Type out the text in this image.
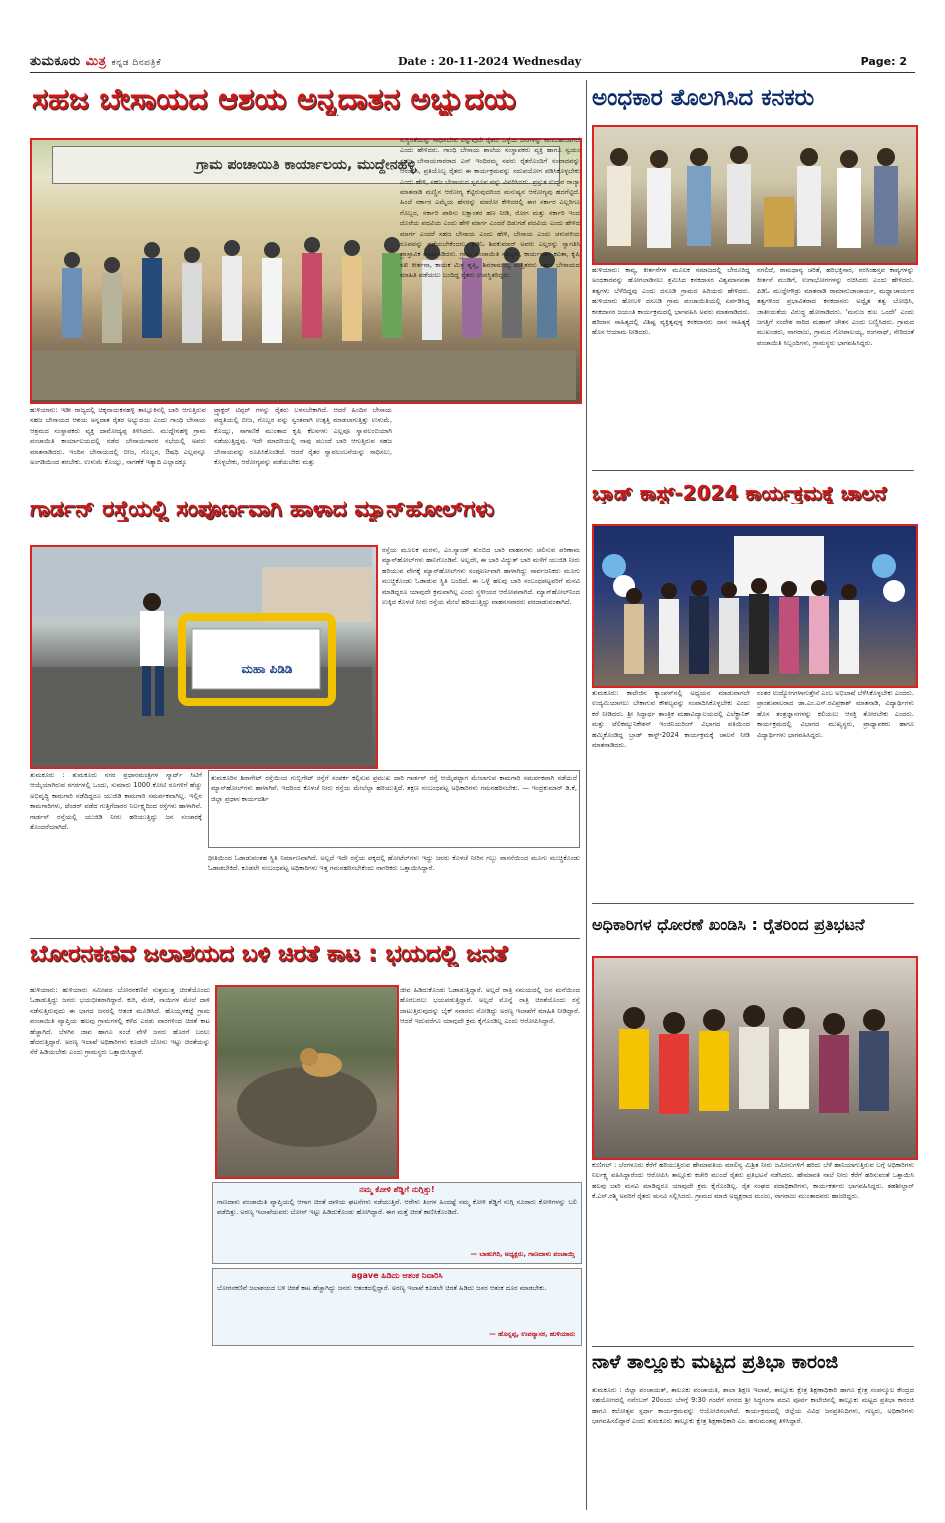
ತುಮಕೂರು ಮಿತ್ರ ಕನ್ನಡ ದಿನಪತ್ರಿಕೆ	Date : 20-11-2024 Wednesday	Page: 2
ಸಹಜ ಬೇಸಾಯದ ಆಶಯ ಅನ್ನದಾತನ ಅಭ್ಯುದಯ
ಗ್ರಾಮ ಪಂಚಾಯಿತಿ ಕಾರ್ಯಾಲಯ, ಮುದ್ದೇನಹಳ್ಳಿ
ಹುಳಿಯಾರು: ಇಡೀ ರಾಜ್ಯದಲ್ಲಿ ಚಿಕ್ಕನಾಯಕನಹಳ್ಳಿ ತಾಲ್ಲೂಕಿನಲ್ಲಿ ಬಾರಿ ಆಗುತ್ತಿರುವ ಸಹಜ ಬೇಸಾಯದ ಆಶಯ ಅನ್ನದಾತ ರೈತರ ಅಭ್ಯುದಯ ಎಂದು ಗಾಂಧಿ ಬೇಸಾಯ ಆಶ್ರಮದ ಸಂಸ್ಥಾಪಕರು ವ್ಯಕ್ತಿ ದಾಮೋದ್ಯಪ್ಪ ತಿಳಿಸಿದರು. ಮುದ್ದೇನಹಳ್ಳಿ ಗ್ರಾಮ ಪಂಚಾಯಿತಿ ಕಾರ್ಯಾಲಯದಲ್ಲಿ ನಡೆದ ಬೇಸಾಯಗಾರರ ಸಭೆಯಲ್ಲಿ ಅವರು ಮಾತನಾಡಿದರು. ಇಂದಿನ ಬೇಸಾಯದಲ್ಲಿ ಬೀಜ, ಗೊಬ್ಬರ, ಔಷಧಿ ಎಲ್ಲವನ್ನೂ ಅಂಗಡಿಯಿಂದ ತರಬೇಕು. ಉಳುಮೆ ಕೊಯ್ಲು, ಸಾಗಣೆಕೆ ಇತ್ಯಾದಿ ಎಲ್ಲಾದಕ್ಕೂ
ಟ್ರ್ಯಾಕ್ಟರ್ ಟಿಪ್ಪರ್ ಗಳನ್ನು ರೈತರು ಬಳಸಬೇಕಾಗಿದೆ. ಆದರೆ ಹಿಂದಿನ ಬೇಸಾಯ ಪದ್ಧತಿಯಲ್ಲಿ ಬೀಜ, ಗೊಬ್ಬರ ವನ್ನು ಸ್ವಂತವಾಗಿ ಉತ್ಪತ್ತಿ ಮಾಡಲಾಗುತ್ತಿತ್ತು ಉಳುಮೆ, ಕೊಯ್ಲು, ಸಾಗಾಣಿಕೆ ಮುಂತಾದ ಕೃಷಿ ಕೆಲಸಗಳು ಎಲ್ಲವೂ ಸ್ವಾವಲಂಬಿಯಾಗಿ ನಡೆಯುತ್ತಿದ್ದವು. ಇದೇ ಮಾದರಿಯಲ್ಲಿ ನಾವು ಮುಂದೆ ಬಾರಿ ಆಗುತ್ತಿರುವ ಸಹಜ ಬೇಸಾಯವನ್ನು ರೂಪಿಸಿಕೊಂಡಿದೆ. ಆದರೆ ರೈತರ ಸ್ವಾವಲಂಬನೆಯನ್ನು ಸಾಧಿಸಲು, ಕೊಳ್ಳಬೇಕು, ಆರೋಗ್ಯವನ್ನು ಪಡೆಯಬೇಕು ಮತ್ತು
ಸುಸ್ಥಿರತೆಯನ್ನು ಸಾಧಿಸಬೇಕು ಎನ್ನುವುದೇ ರೈತರು ಒಳ್ಳೆಯ ದಿನಗಳನ್ನು ಕಾಣಬಹುದಾಗಿದೆ ಎಂದು ಹೇಳಿದರು. ಗಾಂಧಿ ಬೇಸಾಯ ಶಾಲೆಯ ಸಂಸ್ಥಾಪಕರು ವ್ಯಕ್ತಿ ಹಾಗೂ ಸ್ವಯಂ ಸಹಜ ಬೇಸಾಯಗಾರರಾದ ಎನ್ ಇಂದಿರಮ್ಮ ನವರು ರೈತರೊಂದಿಗೆ ಸಂವಾದವನ್ನು ಆರಂಭಿಸಿ, ಪ್ರತಿಯೊಬ್ಬ ರೈತರು ಈ ಕಾರ್ಯಕ್ರಮವನ್ನು ಸದುಪಯೋಗ ಪಡಿಸಿಕೊಳ್ಳಬೇಕು ಎಂದು ಹೇಳಿ, ಸಹಜ ಬೇಸಾಯದ ಸ್ವರೂಪ ವನ್ನು ವಿವರಿಸಿದರು. ಪ್ರಸ್ತುತ ಉದ್ಭವ ರಾಜ್ಯಾ ಮಾತನಾಡಿ ಮಣ್ಣಿನ ಆರೋಗ್ಯ ಕೆಟ್ಟಿರುವುದರಿಂದ ಮನುಷ್ಯನ ಆರೋಗ್ಯವು ಹದಗೆಟ್ಟಿದೆ. ಹಿಂದೆ ಸರ್ಕಾರ ಎಮ್ಮೆಯ ಹೆಸರನ್ನು ಮಾರೋ ಕೇಳಿದರಲ್ಲಿ ಈಗ ಸರ್ಕಾರ ಎಲ್ಲರಿಗೂ ಗೊಬ್ಬರ, ಸರ್ಕಾರಿ ಪಾಠಿಸು ಲಕ್ಷಾಂತರ ಹಣ ನೀಡಿ, ರೋಗ ಮತ್ತು ಸರ್ಕಾರಿ ಇಂದ ದೊರೆಯ ಪದವಿಯ ಎಂದು ಹೇಳಿ ಮಾರ್ಗ ಎಂದರೆ ದಿಡುಗಡೆ ಪದವಿಯ ಎಂದು ಹೇಳಿದ ಮಾರ್ಗ ಎಂದರೆ ಸಹಜ ಬೇಸಾಯ ಎಂದು ಹೇಳಿ, ಬೇಸಾಯ ಎಂದು ಚಳುವಳಿಯ ರೂಪವನ್ನು ಪಡೆಯಬೇಕೆಂದರು. ಪಿಡಿಓ ಶಿವಕುಮಾರ್ ಅವರು ಎಲ್ಲರನ್ನು ಸ್ವಾಗತಿಸಿ ಪ್ರಾಸ್ತಾವಿಕ ಮಾತನಾಡಿದರು. ಗ್ರಾಮ ಪಂಚಾಯಿತಿ ಸದಸ್ಯರು, ಕಾರ್ಯದರ್ಶಿ ಕವಿತಾ, ಕೃಷಿ ಸಖಿ ಕೀರ್ತನಾ, ಕಾಯಕ ಮಿತ್ರ ತೃಪ್ತಿ, ಶಿವರಾಮಯ್ಯ ಮತ್ತಿತರರು ಸಹಜ ಬೇಸಾಯದ ಮಾಹಿತಿ ಪಡೆಯಲು ಬಂದಿದ್ದ ರೈತರು ಉಪಸ್ಥಿತರಿದ್ದರು.
ಅಂಧಕಾರ ತೊಲಗಿಸಿದ ಕನಕರು
ಹುಳಿಯಾರು: ಕಾವ್ಯ, ಕೀರ್ತನೆಗಳ ಮೂಲಕ ಸಮಾಜದಲ್ಲಿ ಬೇರೂರಿದ್ದ ಅಂಧಕಾರವನ್ನು ಹೋಗಲಾಡಿಸಲು ಶ್ರಮಿಸಿದ ಕನಕದಾಸರ ವಿಶ್ವಮಾನವತಾ ತತ್ವಗಳು ಬೆಳೆದಿದ್ದವು ಎಂದು ದಸೂಡಿ ಗ್ರಾಮದ ಹಿರಿಯರು ಹೇಳಿದರು. ಹುಳಿಯಾರು ಹೋಬಳಿ ದಸೂಡಿ ಗ್ರಾಮ ಪಂಚಾಯಿತಿಯಲ್ಲಿ ಏರ್ಪಡಿಸಿದ್ದ ಕನಕದಾಸರ ಜಯಂತಿ ಕಾರ್ಯಕ್ರಮದಲ್ಲಿ ಭಾಗವಹಿಸಿ ಅವರು ಮಾತನಾಡಿದರು. ಹರಿದಾಸ ಸಾಹಿತ್ಯದಲ್ಲಿ ವಿಶಿಷ್ಟ ವ್ಯಕ್ತಿತ್ವವುಳ್ಳ ಕನಕದಾಸರು ದಾಸ ಸಾಹಿತ್ಯಕ್ಕೆ ಹೊಸ ಆಯಾಮ ನೀಡಿದರು.
ನಗಲಿದೆ, ರಾಮಧಾನ್ಯ ಚರಿತೆ, ಹರಿಭಕ್ತಿಸಾರ, ನರಸಿಂಹಸ್ತವ ಕಾವ್ಯಗಳನ್ನು ಕೀರ್ತನೆ ಮಂಡಿಗೆ, ಉಗಾಭೋಗಗಳನ್ನು ರಚಿಸಿದರು ಎಂದು ಹೇಳಿದರು. ಪಿಡಿಓ ಮುದ್ದೇಗೌಡ್ರು ಮಾತನಾಡಿ ರಾಮಾನುಜಾಚಾರ್ಯ, ಮಧ್ವಾಚಾರ್ಯರ ತತ್ವಗಳಿಂದ ಪ್ರಭಾವಿತರಾದ ಕನಕದಾಸರು ಅದ್ವೈತ ತತ್ವ ಬೋಧಿಸಿ, ಜಾತೀಯತೆಯ ವಿರುದ್ಧ ಹೋರಾಡಿದರು. 'ಮನುಜ ಕುಲ ಒಂದೇ' ಎಂದು ಜಗತ್ತಿಗೆ ಸಂದೇಶ ಸಾರಿದ ಮಹಾನ್ ಚೇತನ ಎಂದು ಬಣ್ಣಿಸಿದರು. ಗ್ರಾಮದ ಮುಖಂಡರು, ನಾಗರಾಜು, ಗ್ರಾಮದ ಗೋಪಾಲಯ್ಯ, ರಂಗನಾಥ್, ನೇರಿದಂತೆ ಪಂಚಾಯಿತಿ ಸಿಬ್ಬಂದಿಗಳು, ಗ್ರಾಮಸ್ಥರು ಭಾಗವಹಿಸಿದ್ದರು.
ಗಾರ್ಡನ್ ರಸ್ತೆಯಲ್ಲಿ ಸಂಪೂರ್ಣವಾಗಿ ಹಾಳಾದ ಮ್ಯಾನ್‌ಹೋಲ್‌ಗಳು
ಮಹಾ ಪಿಡಿಡಿ
ರಸ್ತೆಯ ಮೂಲಕ ಮರಳು, ಎಂ.ಸ್ಯಾಂಡ್ ತುಂಬಿದ ಬಾರಿ ವಾಹನಗಳು ಚಲಿಸುವ ಪರಿಣಾಮ ಮ್ಯಾನ್‌ಹೋಲ್‌ಗಳು ಹಾನಿಗೊಂಡಿವೆ. ಅಲ್ಲದೇ, ಈ ಬಾರಿ ವಿದ್ಯುತ್ ಬಾರಿ ಮಳೆಗೆ ಯುಜಿಡಿ ನೀರು ಹರಿಯುವ ವೇಗಕ್ಕೆ ಮ್ಯಾನ್‌ಹೋಲ್‌ಗಳು ಸಂಪೂರ್ಣವಾಗಿ ಹಾಳಾಗಿದ್ದು ಸಾರ್ವಜನಿಕರು ಮೂಗು ಮುಚ್ಚಿಕೊಂಡು ಓಡಾಡುವ ಸ್ಥಿತಿ ಬಂದಿದೆ. ಈ ಒಳ್ಳೆ ಹಲವು ಬಾರಿ ಸಂಬಂಧಪಟ್ಟವರಿಗೆ ಮನವಿ ಮಾಡಿದ್ದರೂ ಯಾವುದೇ ಕ್ರಮವಾಗಿಲ್ಲ ಎಂದು ಸ್ಥಳೀಯರ ಆರೋಪವಾಗಿದೆ. ಮ್ಯಾನ್‌ಹೋಲ್‌ನಿಂದ ಉಕ್ಕಿದ ಕೊಳಚೆ ನೀರು ರಸ್ತೆಯ ಮೇಲೆ ಹರಿಯುತ್ತಿದ್ದು ವಾಹನಸವಾರರು ಪರದಾಡುವಂತಾಗಿದೆ.
ತುಮಕೂರು : ತುಮಕೂರು ನಗರ ಪ್ರಧಾನಮಂತ್ರಿಗಳ ಸ್ಮಾರ್ಟ್ ಸಿಟಿಗೆ ಆಯ್ಕೆಯಾಗಿರುವ ನಗರಗಳಲ್ಲಿ ಒಂದು, ಸುಮಾರು 1000 ಕೋಟಿ ರೂಗಳಿಗೆ ಹೆಚ್ಚು ಅಭಿವೃದ್ಧಿ ಕಾಮಗಾರಿ ನಡೆದಿದ್ದರೂ ಯುಜಿಡಿ ಕಾಮಗಾರಿ ಸಮರ್ಪಕವಾಗಿಲ್ಲ. ಇಲ್ಲಿನ ಕಾಮಗಾರಿಗಳು, ಟೆಂಡರ್ ಪಡೆದ ಗುತ್ತಿಗೆದಾರರ ನಿರ್ಲಕ್ಷ್ಯದಿಂದ ರಸ್ತೆಗಳು ಹಾಳಾಗಿವೆ. ಗಾರ್ಡನ್ ರಸ್ತೆಯಲ್ಲಿ ಯುಜಿಡಿ ನೀರು ಹರಿಯುತ್ತಿದ್ದು ಜನ ಸಂಚಾರಕ್ಕೆ ತೊಂದರೆಯಾಗಿದೆ.
ತುಮಕೂರಿನ ಶಿರಾಗೇಟ್ ರಸ್ತೆಯಿಂದ ಗುಬ್ಬಿಗೇಟ್ ರಸ್ತೆಗೆ ಸಂಪರ್ಕ ಕಲ್ಪಿಸುವ ಪ್ರಮುಖ ದಾರಿ ಗಾರ್ಡನ್ ರಸ್ತೆ ಆಯ್ಕೆಪಟ್ಟಾಗ ಮೇಲಾಗುವ ಕಾಮಗಾರಿ ಸಮರ್ಪಕವಾಗಿ ನಡೆಯದೆ ಮ್ಯಾನ್‌ಹೋಲ್‌ಗಳು ಹಾಳಾಗಿವೆ. ಇದರಿಂದ ಕೊಳಚೆ ನೀರು ರಸ್ತೆಯ ಮೇಲೆಲ್ಲಾ ಹರಿಯುತ್ತಿದೆ. ತಕ್ಷಣ ಸಂಬಂಧಪಟ್ಟ ಅಧಿಕಾರಿಗಳು ಗಮನಹರಿಸಬೇಕು. — ಇಂದ್ರಕುಮಾರ್ ಡಿ.ಕೆ, ಜಿಲ್ಲಾ ಪ್ರಧಾನ ಕಾರ್ಯದರ್ಶಿ
ಧೀತಿಯಿಂದ ಓಡಾಡುವಂತಹ ಸ್ಥಿತಿ ನಿರ್ಮಾಣವಾಗಿದೆ. ಅಲ್ಲದೆ ಇದೇ ರಸ್ತೆಯ ಪಕ್ಕದಲ್ಲಿ ಹೋಟೆಲ್‌ಗಳು ಇದ್ದು ಜನರು ಕೊಳಚೆ ನೀರಿನ ಗಬ್ಬು ವಾಸನೆಯಿಂದ ಮೂಗು ಮುಚ್ಚಿಕೊಂಡು ಓಡಾಡಬೇಕಿದೆ. ಕೂಡಲೇ ಸಂಬಂಧಪಟ್ಟ ಅಧಿಕಾರಿಗಳು ಇತ್ತ ಗಮನಹರಿಸಬೇಕೆಂದು ನಾಗರಿಕರು ಒತ್ತಾಯಿಸಿದ್ದಾರೆ.
ಬ್ರಾಡ್ ಕಾಸ್ಟ್-2024 ಕಾರ್ಯಕ್ರಮಕ್ಕೆ ಚಾಲನೆ
ತುಮಕೂರು: ಕಾಲೇಜಿನ ಕ್ಯಾಂಪಸ್‌ನಲ್ಲಿ ಅಧ್ಯಯನ ಮಾಡುವಾಗಲೇ ಉದ್ಯಮಿಯಾಗಲು ಬೇಕಾಗುವ ಕೌಶಲ್ಯವನ್ನು ಸಂಪಾದಿಸಿಕೊಳ್ಳಬೇಕು ಎಂದು ಕರೆ ನೀಡಿದರು. ಶ್ರೀ ಸಿದ್ಧಾರ್ಥ ತಾಂತ್ರಿಕ ಮಹಾವಿದ್ಯಾಲಯದಲ್ಲಿ ಎಲೆಕ್ಟ್ರಾನಿಕ್ ಮತ್ತು ಟೆಲಿಕಮ್ಯುನಿಕೇಶನ್ ಇಂಜಿನಿಯರಿಂಗ್ ವಿಭಾಗದ ವತಿಯಿಂದ ಹಮ್ಮಿಕೊಂಡಿದ್ದ ಬ್ರಾಡ್ ಕಾಸ್ಟ್-2024 ಕಾರ್ಯಕ್ರಮಕ್ಕೆ ಚಾಲನೆ ನೀಡಿ ಮಾತನಾಡಿದರು.
ನಂತರ ಉದ್ಯೋಗಗಳಾಗುತ್ತೇನೆ ಎಂಬ ಅಭಿಲಾಷೆ ಬೆಳೆಸಿಕೊಳ್ಳಬೇಕು ಎಂದರು. ಪ್ರಾಂಶುಪಾಲರಾದ ಡಾ.ಎಂ.ಎಸ್.ರವಿಪ್ರಕಾಶ್ ಮಾತನಾಡಿ, ವಿದ್ಯಾರ್ಥಿಗಳು ಹೊಸ ತಂತ್ರಜ್ಞಾನಗಳನ್ನು ಕಲಿಯಲು ಆಸಕ್ತಿ ತೋರಬೇಕು ಎಂದರು. ಕಾರ್ಯಕ್ರಮದಲ್ಲಿ ವಿಭಾಗದ ಮುಖ್ಯಸ್ಥರು, ಪ್ರಾಧ್ಯಾಪಕರು ಹಾಗೂ ವಿದ್ಯಾರ್ಥಿಗಳು ಭಾಗವಹಿಸಿದ್ದರು.
ಬೋರನಕಣಿವೆ ಜಲಾಶಯದ ಬಳಿ ಚಿರತೆ ಕಾಟ : ಭಯದಲ್ಲಿ ಜನತೆ
ಹುಳಿಯಾರು: ಹುಳಿಯಾರು ಸಮೀಪದ ಬೋರನಕಣಿವೆ ಸುತ್ತಮುತ್ತ ಚಿರತೆಯೊಂದು ಓಡಾಡುತ್ತಿದ್ದು ಜನರು ಭಯಭೀತರಾಗಿದ್ದಾರೆ. ಕುರಿ, ಮೇಕೆ, ನಾಯಿಗಳ ಮೇಲೆ ದಾಳಿ ನಡೆಸುತ್ತಿರುವುದು ಈ ಭಾಗದ ಜನರಲ್ಲಿ ಆತಂಕ ಮೂಡಿಸಿದೆ. ಹೊಯ್ಸಳಕಟ್ಟೆ ಗ್ರಾಮ ಪಂಚಾಯಿತಿ ವ್ಯಾಪ್ತಿಯ ಹಲವು ಗ್ರಾಮಗಳಲ್ಲಿ ಕಳೆದ ಎರಡು ವಾರಗಳಿಂದ ಚಿರತೆ ಕಾಟ ಹೆಚ್ಚಾಗಿದೆ. ಬೆಳಗಿನ ಜಾವ ಹಾಗೂ ಸಂಜೆ ವೇಳೆ ಜನರು ಹೊರಗೆ ಬರಲು ಹೆದರುತ್ತಿದ್ದಾರೆ. ಅರಣ್ಯ ಇಲಾಖೆ ಅಧಿಕಾರಿಗಳು ಕೂಡಲೇ ಬೋನು ಇಟ್ಟು ಚಿರತೆಯನ್ನು ಸೆರೆ ಹಿಡಿಯಬೇಕು ಎಂದು ಗ್ರಾಮಸ್ಥರು ಒತ್ತಾಯಿಸಿದ್ದಾರೆ.
ಜೀವ ಹಿಡಿದುಕೊಂಡು ಓಡಾಡುತ್ತಿದ್ದಾರೆ. ಅಲ್ಲದೆ ರಾತ್ರಿ ಸಮಯದಲ್ಲಿ ಜನ ಮನೆಯಿಂದ ಹೊರಬರಲು ಭಯಪಡುತ್ತಿದ್ದಾರೆ. ಅಲ್ಲದೆ ಮೊನ್ನೆ ರಾತ್ರಿ ಚಿರತೆಯೊಂದು ರಸ್ತೆ ದಾಟುತ್ತಿರುವುದನ್ನು ಬೈಕ್ ಸವಾರರು ನೋಡಿದ್ದು ಅರಣ್ಯ ಇಲಾಖೆಗೆ ಮಾಹಿತಿ ನೀಡಿದ್ದಾರೆ. ಆದರೆ ಇದುವರೆಗೂ ಯಾವುದೇ ಕ್ರಮ ಕೈಗೊಂಡಿಲ್ಲ ಎಂದು ಆರೋಪಿಸಿದ್ದಾರೆ.
ನಮ್ಮ ಕೋಳಿ ಶೆಡ್ಡಿಗೆ ನುಗ್ಗಿತ್ತು!
ಗಾಣದಾಳು ಪಂಚಾಯಿತಿ ವ್ಯಾಪ್ತಿಯಲ್ಲಿ ಆಗಾಗ ಚಿರತೆ ದಾಳಿಯ ಘಟನೆಗಳು ನಡೆಯುತ್ತಿವೆ. ಆರೇಳು ತಿಂಗಳ ಹಿಂದಷ್ಟೆ ನಮ್ಮ ಕೋಳಿ ಶೆಡ್ಡಿಗೆ ನುಗ್ಗಿ ನೂರಾರು ಕೋಳಿಗಳನ್ನು ಬಲಿ ಪಡೆದಿತ್ತು. ಅರಣ್ಯ ಇಲಾಖೆಯವರು ಬೋನ್ ಇಟ್ಟು ಹಿಡಿದುಕೊಂಡು ಹೋಗಿದ್ದಾರೆ. ಈಗ ಮತ್ತೆ ಚಿರತೆ ಕಾಣಿಸಿಕೊಂಡಿದೆ.
— ಬಾಹುಗಿರಿ, ಅಧ್ಯಕ್ಷರು, ಗಾಣದಾಳು ಪಂಚಾಯ್ತಿ
agave ಹಿಡಿದು ಆತಂಕ ನಿವಾರಿಸಿ
ಬೋರನಕಣಿವೆ ಜಲಾಶಯದ ಬಳಿ ಚಿರತೆ ಕಾಟ ಹೆಚ್ಚಾಗಿದ್ದು ಜನರು ಆತಂಕದಲ್ಲಿದ್ದಾರೆ. ಅರಣ್ಯ ಇಲಾಖೆ ಕೂಡಲೇ ಚಿರತೆ ಹಿಡಿದು ಜನರ ಆತಂಕ ದೂರ ಮಾಡಬೇಕು.
— ಹೊನ್ನಪ್ಪ, ಉಪನ್ಯಾಸಕ, ಹುಳಿಯಾರು
ಅಧಿಕಾರಿಗಳ ಧೋರಣೆ ಖಂಡಿಸಿ : ರೈತರಿಂದ ಪ್ರತಿಭಟನೆ
ಕುಣಿಗಲ್ : ಬೆಂಗಳೂರು ಕೆರೆಗೆ ಹರಿಯುತ್ತಿರುವ ಹೇಮಾವತಿಯ ಮಾಲಿನ್ಯ ಮಿಶ್ರಿತ ನೀರು ಜಮೀನುಗಳಿಗೆ ಹರಿದು ಬೆಳೆ ಹಾನಿಯಾಗುತ್ತಿರುವ ಬಗ್ಗೆ ಅಧಿಕಾರಿಗಳು ನಿರ್ಲಕ್ಷ್ಯ ವಹಿಸಿದ್ದಾರೆಂದು ಆರೋಪಿಸಿ ತಾಲ್ಲೂಕು ಕಚೇರಿ ಮುಂದೆ ರೈತರು ಪ್ರತಿಭಟನೆ ನಡೆಸಿದರು. ಹೇಮಾವತಿ ನಾಲೆ ನೀರು ಕೆರೆಗೆ ಹರಿಸುವಂತೆ ಒತ್ತಾಯಿಸಿ ಹಲವು ಬಾರಿ ಮನವಿ ಮಾಡಿದ್ದರೂ ಯಾವುದೇ ಕ್ರಮ ಕೈಗೊಂಡಿಲ್ಲ. ರೈತ ಸಂಘದ ಪದಾಧಿಕಾರಿಗಳು, ಕಾರ್ಯಕರ್ತರು ಭಾಗವಹಿಸಿದ್ದರು. ತಹಶೀಲ್ದಾರ್ ಕೆ.ಎಸ್.ರಶ್ಮಿ ಅವರಿಗೆ ರೈತರು ಮನವಿ ಸಲ್ಲಿಸಿದರು. ಗ್ರಾಮದ ಮಾಜಿ ಅಧ್ಯಕ್ಷರಾದ ಮಂಜು, ನಾಗರಾಜು ಮುಂತಾದವರು ಹಾಜರಿದ್ದರು.
ನಾಳೆ ತಾಲ್ಲೂಕು ಮಟ್ಟದ ಪ್ರತಿಭಾ ಕಾರಂಜಿ
ತುಮಕೂರು : ಜಿಲ್ಲಾ ಪಂಚಾಯತ್, ತಾಲೂಕು ಪಂಚಾಯತಿ, ಶಾಲಾ ಶಿಕ್ಷಣ ಇಲಾಖೆ, ತಾಲ್ಲೂಕು ಕ್ಷೇತ್ರ ಶಿಕ್ಷಣಾಧಿಕಾರಿ ಹಾಗೂ ಕ್ಷೇತ್ರ ಸಂಪನ್ಮೂಲ ಕೇಂದ್ರದ ಸಹಯೋಗದಲ್ಲಿ ನವೆಂಬರ್ 20ರಂದು ಬೆಳಗ್ಗೆ 9:30 ಗಂಟೆಗೆ ನಗರದ ಶ್ರೀ ಸಿದ್ಧಗಂಗಾ ಪದವಿ ಪೂರ್ವ ಕಾಲೇಜಿನಲ್ಲಿ ತಾಲ್ಲೂಕು ಮಟ್ಟದ ಪ್ರತಿಭಾ ಕಾರಂಜಿ ಹಾಗೂ ಕಲೋತ್ಸವ ಸ್ಪರ್ಧಾ ಕಾರ್ಯಕ್ರಮವನ್ನು ಆಯೋಜಿಸಲಾಗಿದೆ. ಕಾರ್ಯಕ್ರಮದಲ್ಲಿ ಜಿಲ್ಲೆಯ ವಿವಿಧ ಜನಪ್ರತಿನಿಧಿಗಳು, ಗಣ್ಯರು, ಅಧಿಕಾರಿಗಳು ಭಾಗವಹಿಸಲಿದ್ದಾರೆ ಎಂದು ತುಮಕೂರು ತಾಲ್ಲೂಕು ಕ್ಷೇತ್ರ ಶಿಕ್ಷಣಾಧಿಕಾರಿ ಎಂ. ಹನುಮಂತಪ್ಪ ತಿಳಿಸಿದ್ದಾರೆ.
